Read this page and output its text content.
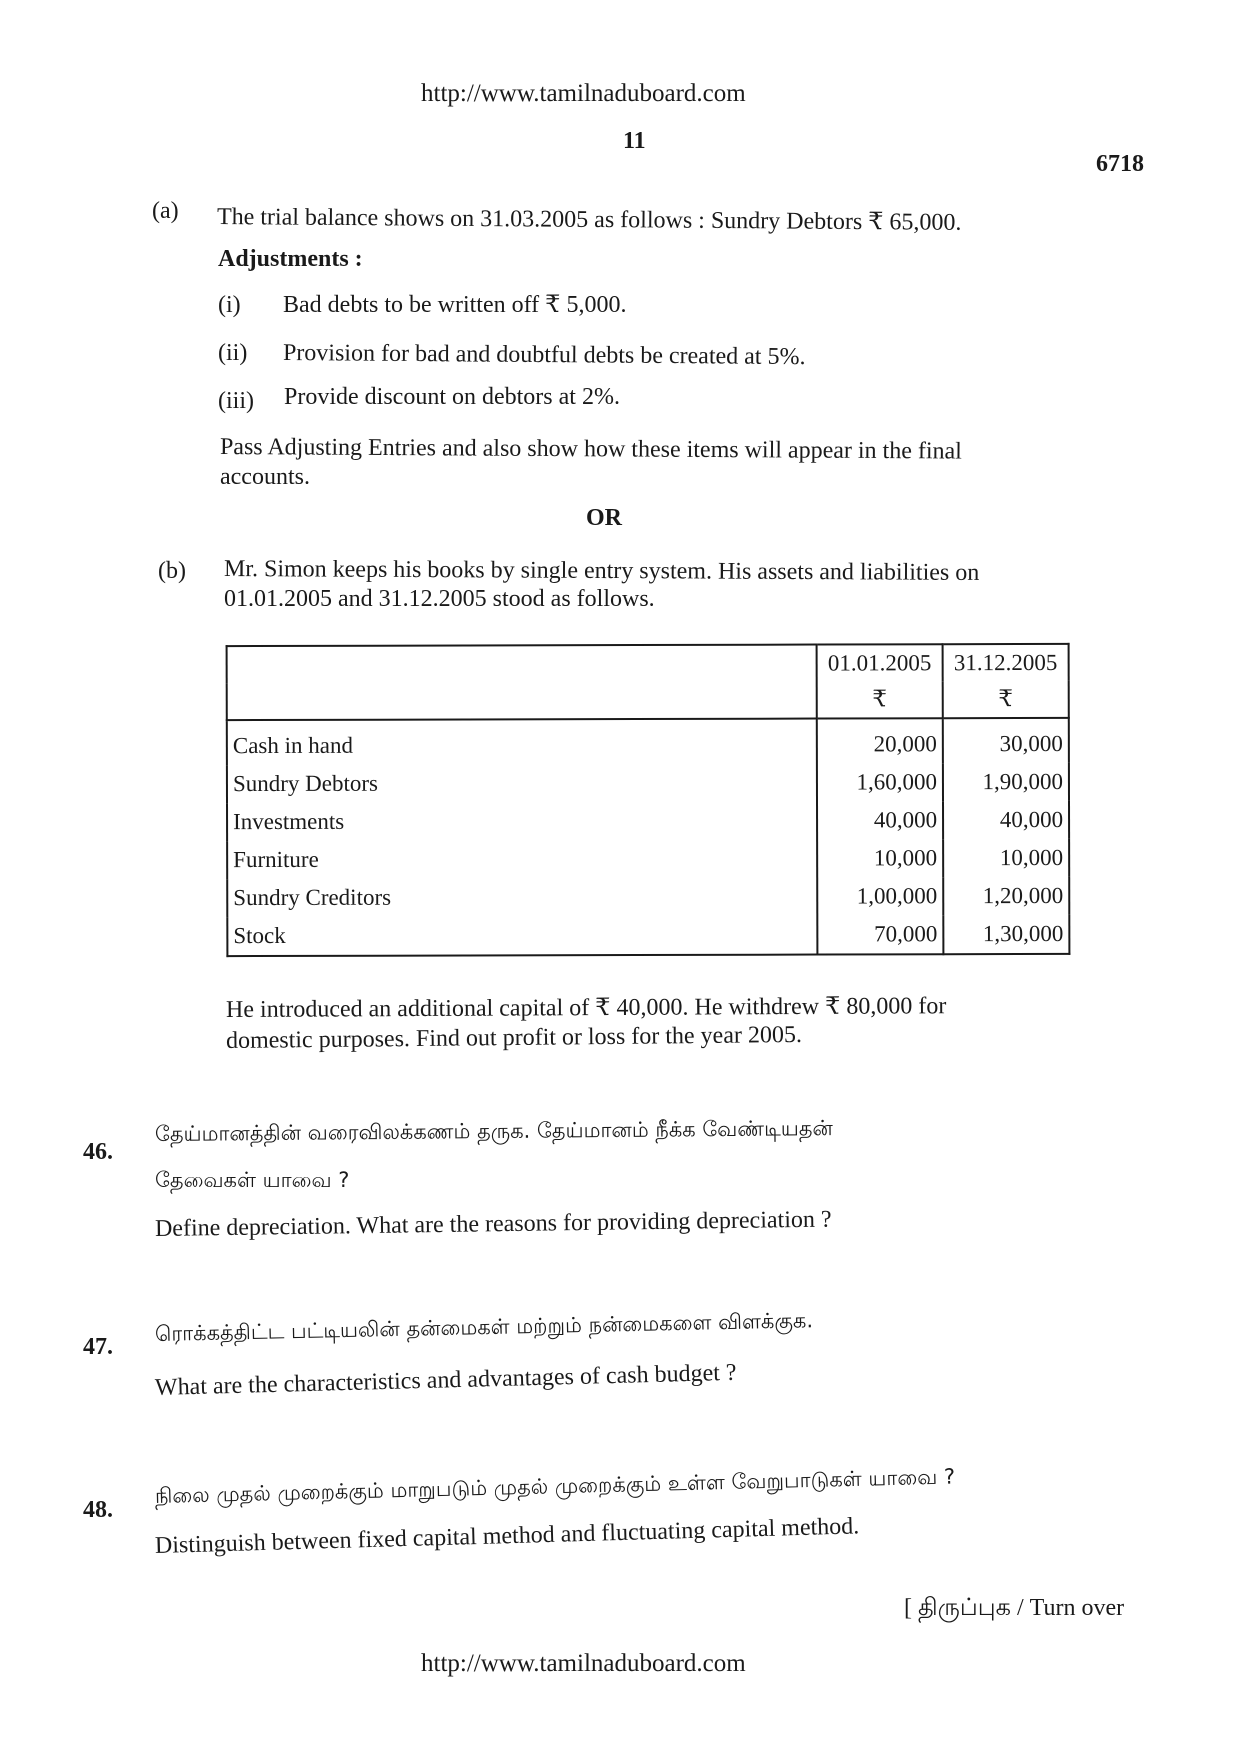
http://www.tamilnaduboard.com
11
6718
(a) The trial balance shows on 31.03.2005 as follows : Sundry Debtors ₹ 65,000.
Adjustments :
(i) Bad debts to be written off ₹ 5,000.
(ii) Provision for bad and doubtful debts be created at 5%.
(iii) Provide discount on debtors at 2%.
Pass Adjusting Entries and also show how these items will appear in the final
accounts.
OR
(b) Mr. Simon keeps his books by single entry system. His assets and liabilities on
01.01.2005 and 31.12.2005 stood as follows.
	01.01.2005	31.12.2005
	₹	₹
Cash in hand	20,000	30,000
Sundry Debtors	1,60,000	1,90,000
Investments	40,000	40,000
Furniture	10,000	10,000
Sundry Creditors	1,00,000	1,20,000
Stock	70,000	1,30,000
He introduced an additional capital of ₹ 40,000. He withdrew ₹ 80,000 for
domestic purposes. Find out profit or loss for the year 2005.
46.
தேய்மானத்தின் வரைவிலக்கணம் தருக. தேய்மானம் நீக்க வேண்டியதன்
தேவைகள் யாவை ?
Define depreciation. What are the reasons for providing depreciation ?
47.
ரொக்கத்திட்ட பட்டியலின் தன்மைகள் மற்றும் நன்மைகளை விளக்குக.
What are the characteristics and advantages of cash budget ?
48.
நிலை முதல் முறைக்கும் மாறுபடும் முதல் முறைக்கும் உள்ள வேறுபாடுகள் யாவை ?
Distinguish between fixed capital method and fluctuating capital method.
[ திருப்புக / Turn over
http://www.tamilnaduboard.com
